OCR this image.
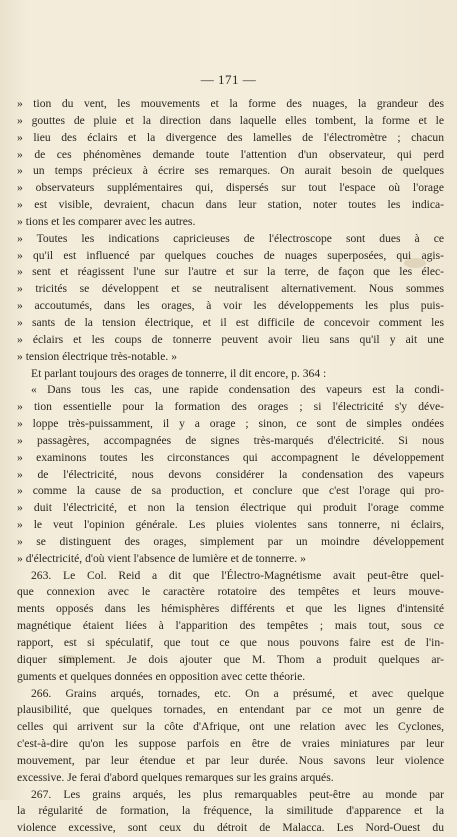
— 171 —
» tion du vent, les mouvements et la forme des nuages, la grandeur des
» gouttes de pluie et la direction dans laquelle elles tombent, la forme et le
» lieu des éclairs et la divergence des lamelles de l'électromètre ; chacun
» de ces phénomènes demande toute l'attention d'un observateur, qui perd
» un temps précieux à écrire ses remarques. On aurait besoin de quelques
» observateurs supplémentaires qui, dispersés sur tout l'espace où l'orage
» est visible, devraient, chacun dans leur station, noter toutes les indica-
» tions et les comparer avec les autres.
» Toutes les indications capricieuses de l'électroscope sont dues à ce
» qu'il est influencé par quelques couches de nuages superposées, qui agis-
» sent et réagissent l'une sur l'autre et sur la terre, de façon que les élec-
» tricités se développent et se neutralisent alternativement. Nous sommes
» accoutumés, dans les orages, à voir les développements les plus puis-
» sants de la tension électrique, et il est difficile de concevoir comment les
» éclairs et les coups de tonnerre peuvent avoir lieu sans qu'il y ait une
» tension électrique très-notable. »
Et parlant toujours des orages de tonnerre, il dit encore, p. 364 :
« Dans tous les cas, une rapide condensation des vapeurs est la condi-
» tion essentielle pour la formation des orages ; si l'électricité s'y déve-
» loppe très-puissamment, il y a orage ; sinon, ce sont de simples ondées
» passagères, accompagnées de signes très-marqués d'électricité. Si nous
» examinons toutes les circonstances qui accompagnent le développement
» de l'électricité, nous devons considérer la condensation des vapeurs
» comme la cause de sa production, et conclure que c'est l'orage qui pro-
» duit l'électricité, et non la tension électrique qui produit l'orage comme
» le veut l'opinion générale. Les pluies violentes sans tonnerre, ni éclairs,
» se distinguent des orages, simplement par un moindre développement
» d'électricité, d'où vient l'absence de lumière et de tonnerre. »
263. Le Col. Reid a dit que l'Électro-Magnétisme avait peut-être quel-
que connexion avec le caractère rotatoire des tempêtes et leurs mouve-
ments opposés dans les hémisphères différents et que les lignes d'intensité
magnétique étaient liées à l'apparition des tempêtes ; mais tout, sous ce
rapport, est si spéculatif, que tout ce que nous pouvons faire est de l'in-
diquer simplement. Je dois ajouter que M. Thom a produit quelques ar-
guments et quelques données en opposition avec cette théorie.
266. Grains arqués, tornades, etc. On a présumé, et avec quelque
plausibilité, que quelques tornades, en entendant par ce mot un genre de
celles qui arrivent sur la côte d'Afrique, ont une relation avec les Cyclones,
c'est-à-dire qu'on les suppose parfois en être de vraies miniatures par leur
mouvement, par leur étendue et par leur durée. Nous savons leur violence
excessive. Je ferai d'abord quelques remarques sur les grains arqués.
267. Les grains arqués, les plus remarquables peut-être au monde par
la régularité de formation, la fréquence, la similitude d'apparence et la
violence excessive, sont ceux du détroit de Malacca. Les Nord-Ouest du
